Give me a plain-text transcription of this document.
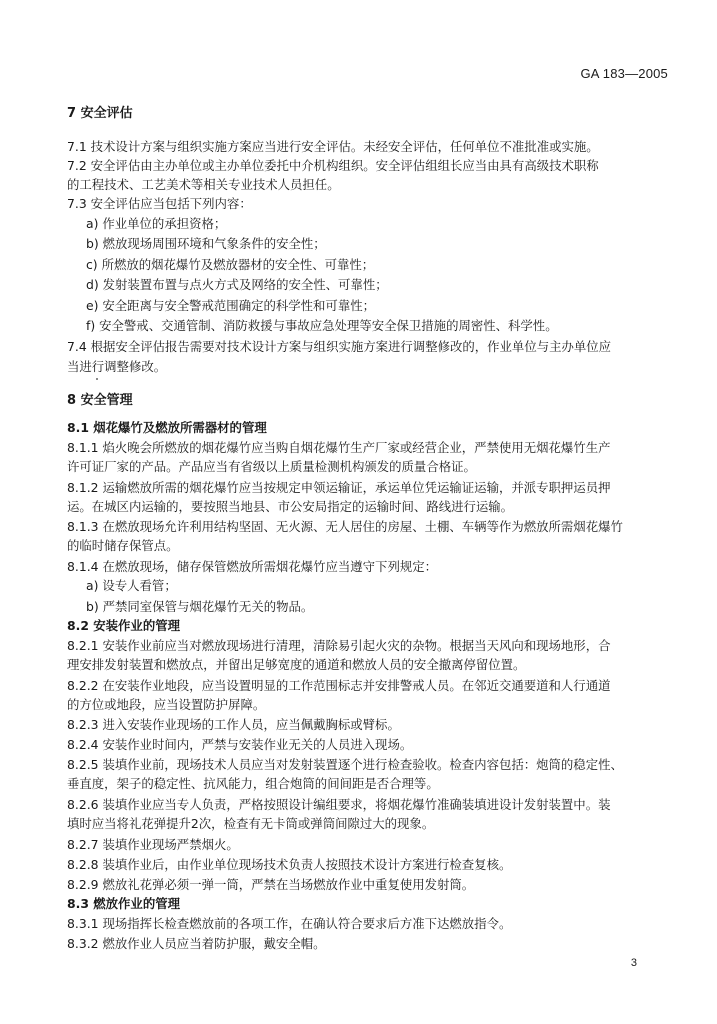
GA 183—2005
7 安全评估
7.1 技术设计方案与组织实施方案应当进行安全评估。未经安全评估，任何单位不准批准或实施。
7.2 安全评估由主办单位或主办单位委托中介机构组织。安全评估组组长应当由具有高级技术职称
的工程技术、工艺美术等相关专业技术人员担任。
7.3 安全评估应当包括下列内容：
a) 作业单位的承担资格；
b) 燃放现场周围环境和气象条件的安全性；
c) 所燃放的烟花爆竹及燃放器材的安全性、可靠性；
d) 发射装置布置与点火方式及网络的安全性、可靠性；
e) 安全距离与安全警戒范围确定的科学性和可靠性；
f) 安全警戒、交通管制、消防救援与事故应急处理等安全保卫措施的周密性、科学性。
7.4 根据安全评估报告需要对技术设计方案与组织实施方案进行调整修改的，作业单位与主办单位应
当进行调整修改。
8 安全管理
8.1 烟花爆竹及燃放所需器材的管理
8.1.1 焰火晚会所燃放的烟花爆竹应当购自烟花爆竹生产厂家或经营企业，严禁使用无烟花爆竹生产
许可证厂家的产品。产品应当有省级以上质量检测机构颁发的质量合格证。
8.1.2 运输燃放所需的烟花爆竹应当按规定申领运输证，承运单位凭运输证运输，并派专职押运员押
运。在城区内运输的，要按照当地县、市公安局指定的运输时间、路线进行运输。
8.1.3 在燃放现场允许利用结构坚固、无火源、无人居住的房屋、土棚、车辆等作为燃放所需烟花爆竹
的临时储存保管点。
8.1.4 在燃放现场，储存保管燃放所需烟花爆竹应当遵守下列规定：
a) 设专人看管；
b) 严禁同室保管与烟花爆竹无关的物品。
8.2 安装作业的管理
8.2.1 安装作业前应当对燃放现场进行清理，清除易引起火灾的杂物。根据当天风向和现场地形，合
理安排发射装置和燃放点，并留出足够宽度的通道和燃放人员的安全撤离停留位置。
8.2.2 在安装作业地段，应当设置明显的工作范围标志并安排警戒人员。在邻近交通要道和人行通道
的方位或地段，应当设置防护屏障。
8.2.3 进入安装作业现场的工作人员，应当佩戴胸标或臂标。
8.2.4 安装作业时间内，严禁与安装作业无关的人员进入现场。
8.2.5 装填作业前，现场技术人员应当对发射装置逐个进行检查验收。检查内容包括：炮筒的稳定性、
垂直度，架子的稳定性、抗风能力，组合炮筒的间间距是否合理等。
8.2.6 装填作业应当专人负责，严格按照设计编组要求，将烟花爆竹准确装填进设计发射装置中。装
填时应当将礼花弹提升2次，检查有无卡筒或弹筒间隙过大的现象。
8.2.7 装填作业现场严禁烟火。
8.2.8 装填作业后，由作业单位现场技术负责人按照技术设计方案进行检查复核。
8.2.9 燃放礼花弹必须一弹一筒，严禁在当场燃放作业中重复使用发射筒。
8.3 燃放作业的管理
8.3.1 现场指挥长检查燃放前的各项工作，在确认符合要求后方准下达燃放指令。
8.3.2 燃放作业人员应当着防护服，戴安全帽。
3
